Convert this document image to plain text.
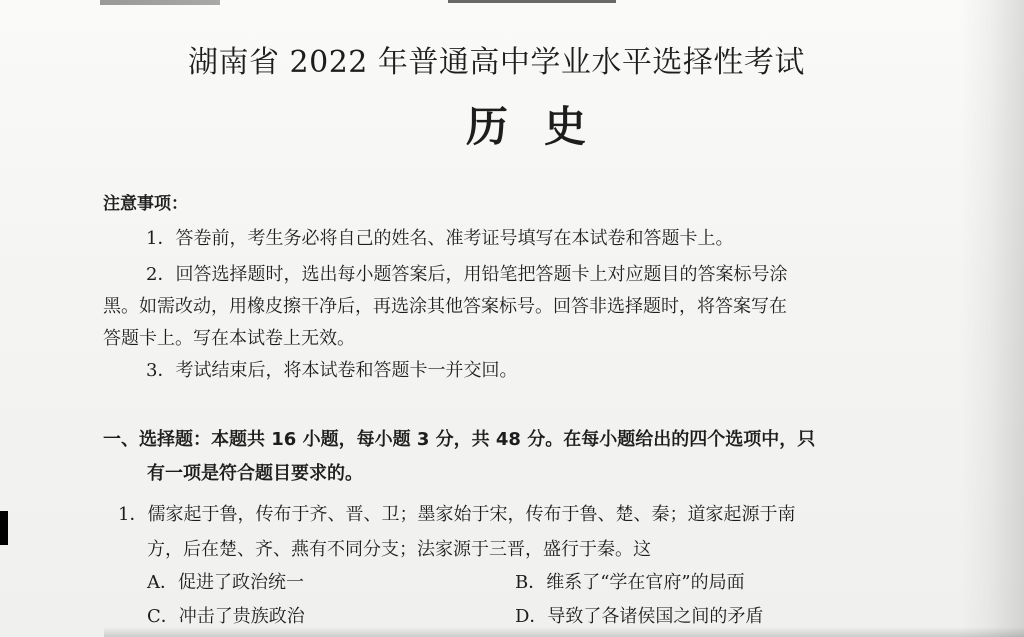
湖南省 2022 年普通高中学业水平选择性考试
历史
注意事项：
1．答卷前，考生务必将自己的姓名、准考证号填写在本试卷和答题卡上。
2．回答选择题时，选出每小题答案后，用铅笔把答题卡上对应题目的答案标号涂
黑。如需改动，用橡皮擦干净后，再选涂其他答案标号。回答非选择题时，将答案写在
答题卡上。写在本试卷上无效。
3．考试结束后，将本试卷和答题卡一并交回。
一、选择题：本题共 16 小题，每小题 3 分，共 48 分。在每小题给出的四个选项中，只
有一项是符合题目要求的。
1．儒家起于鲁，传布于齐、晋、卫；墨家始于宋，传布于鲁、楚、秦；道家起源于南
方，后在楚、齐、燕有不同分支；法家源于三晋，盛行于秦。这
A．促进了政治统一	B．维系了“学在官府”的局面
C．冲击了贵族政治	D．导致了各诸侯国之间的矛盾
